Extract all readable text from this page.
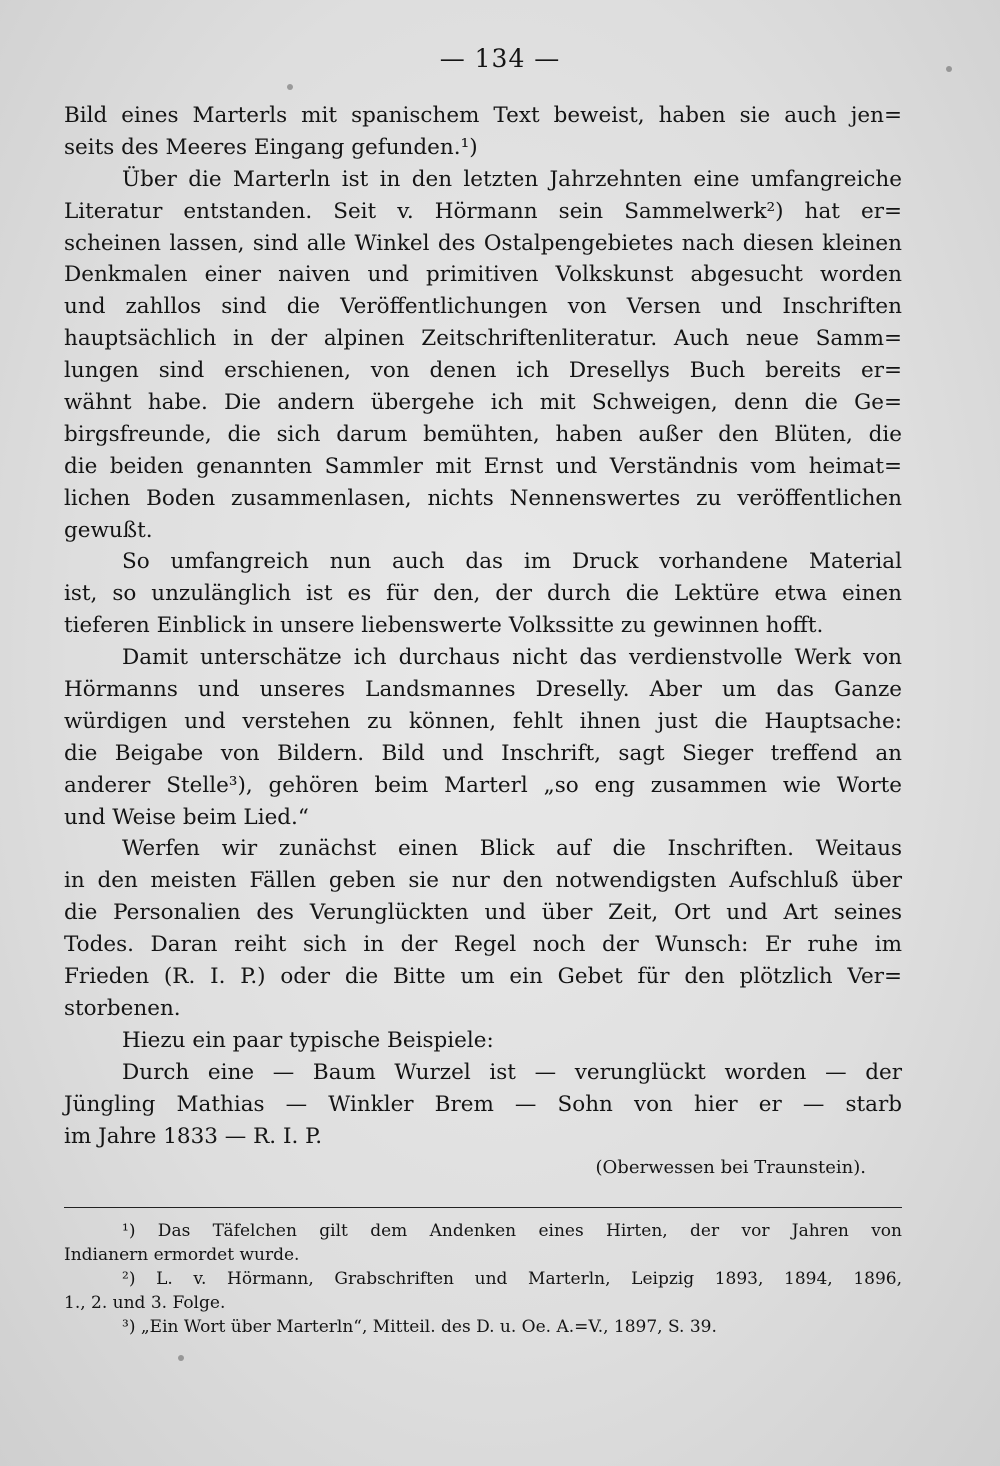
— 134 —
Bild eines Marterls mit spanischem Text beweist, haben sie auch jen=
seits des Meeres Eingang gefunden.¹)
Über die Marterln ist in den letzten Jahrzehnten eine umfangreiche
Literatur entstanden. Seit v. Hörmann sein Sammelwerk²) hat er=
scheinen lassen, sind alle Winkel des Ostalpengebietes nach diesen kleinen
Denkmalen einer naiven und primitiven Volkskunst abgesucht worden
und zahllos sind die Veröffentlichungen von Versen und Inschriften
hauptsächlich in der alpinen Zeitschriftenliteratur. Auch neue Samm=
lungen sind erschienen, von denen ich Dresellys Buch bereits er=
wähnt habe. Die andern übergehe ich mit Schweigen, denn die Ge=
birgsfreunde, die sich darum bemühten, haben außer den Blüten, die
die beiden genannten Sammler mit Ernst und Verständnis vom heimat=
lichen Boden zusammenlasen, nichts Nennenswertes zu veröffentlichen
gewußt.
So umfangreich nun auch das im Druck vorhandene Material
ist, so unzulänglich ist es für den, der durch die Lektüre etwa einen
tieferen Einblick in unsere liebenswerte Volkssitte zu gewinnen hofft.
Damit unterschätze ich durchaus nicht das verdienstvolle Werk von
Hörmanns und unseres Landsmannes Dreselly. Aber um das Ganze
würdigen und verstehen zu können, fehlt ihnen just die Hauptsache:
die Beigabe von Bildern. Bild und Inschrift, sagt Sieger treffend an
anderer Stelle³), gehören beim Marterl „so eng zusammen wie Worte
und Weise beim Lied.“
Werfen wir zunächst einen Blick auf die Inschriften. Weitaus
in den meisten Fällen geben sie nur den notwendigsten Aufschluß über
die Personalien des Verunglückten und über Zeit, Ort und Art seines
Todes. Daran reiht sich in der Regel noch der Wunsch: Er ruhe im
Frieden (R. I. P.) oder die Bitte um ein Gebet für den plötzlich Ver=
storbenen.
Hiezu ein paar typische Beispiele:
Durch eine — Baum Wurzel ist — verunglückt worden — der
Jüngling Mathias — Winkler Brem — Sohn von hier er — starb
im Jahre 1833 — R. I. P.
(Oberwessen bei Traunstein).
¹) Das Täfelchen gilt dem Andenken eines Hirten, der vor Jahren von
Indianern ermordet wurde.
²) L. v. Hörmann, Grabschriften und Marterln, Leipzig 1893, 1894, 1896,
1., 2. und 3. Folge.
³) „Ein Wort über Marterln“, Mitteil. des D. u. Oe. A.=V., 1897, S. 39.
